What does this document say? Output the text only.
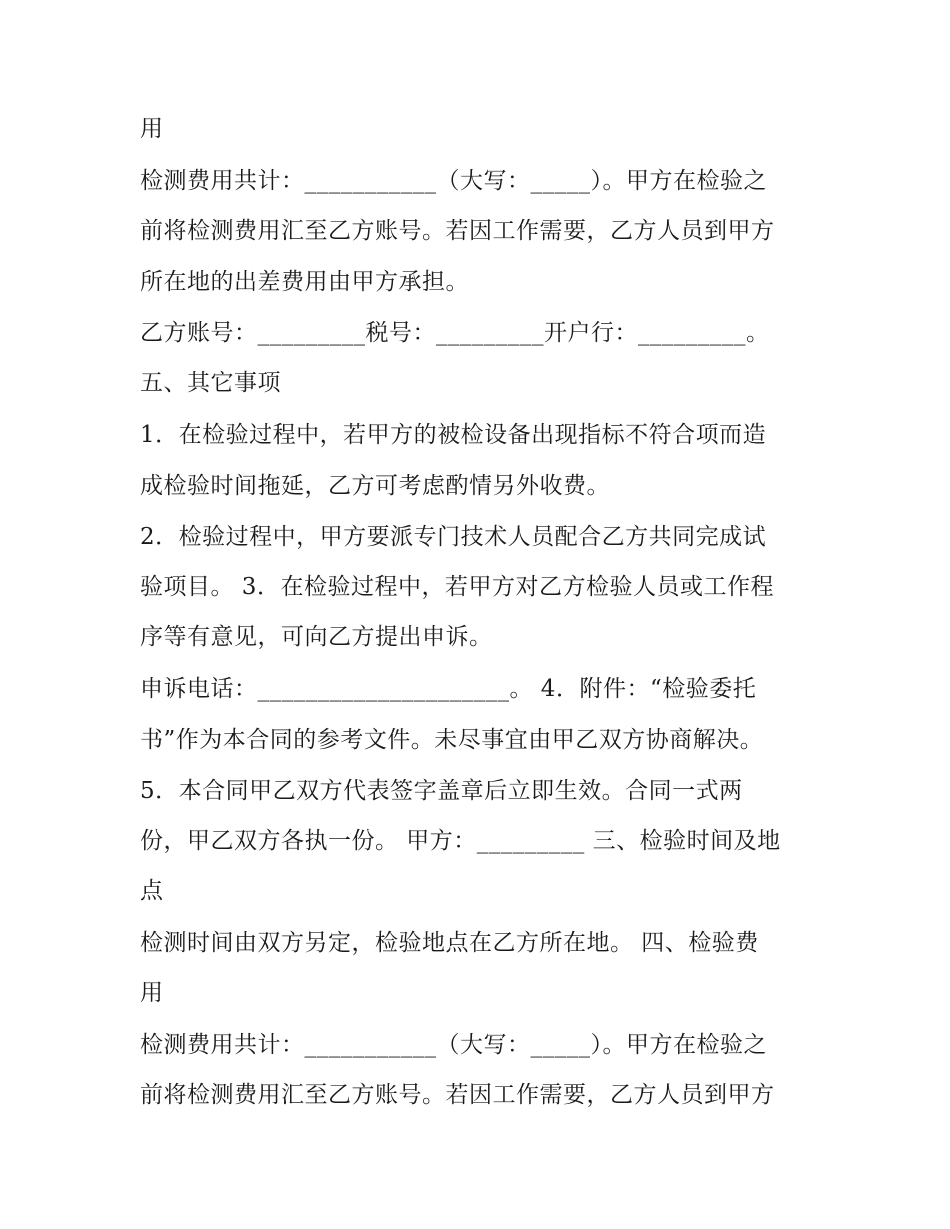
用
检测费用共计：___________（大写：_____）。甲方在检验之
前将检测费用汇至乙方账号。若因工作需要，乙方人员到甲方
所在地的出差费用由甲方承担。
乙方账号：_________税号：_________开户行：_________。
五、其它事项
1．在检验过程中，若甲方的被检设备出现指标不符合项而造
成检验时间拖延，乙方可考虑酌情另外收费。
2．检验过程中，甲方要派专门技术人员配合乙方共同完成试
验项目。 3．在检验过程中，若甲方对乙方检验人员或工作程
序等有意见，可向乙方提出申诉。
申诉电话：_____________________。 4．附件：“检验委托
书”作为本合同的参考文件。未尽事宜由甲乙双方协商解决。
5．本合同甲乙双方代表签字盖章后立即生效。合同一式两
份，甲乙双方各执一份。 甲方：_________ 三、检验时间及地
点
检测时间由双方另定，检验地点在乙方所在地。 四、检验费
用
检测费用共计：___________（大写：_____）。甲方在检验之
前将检测费用汇至乙方账号。若因工作需要，乙方人员到甲方
